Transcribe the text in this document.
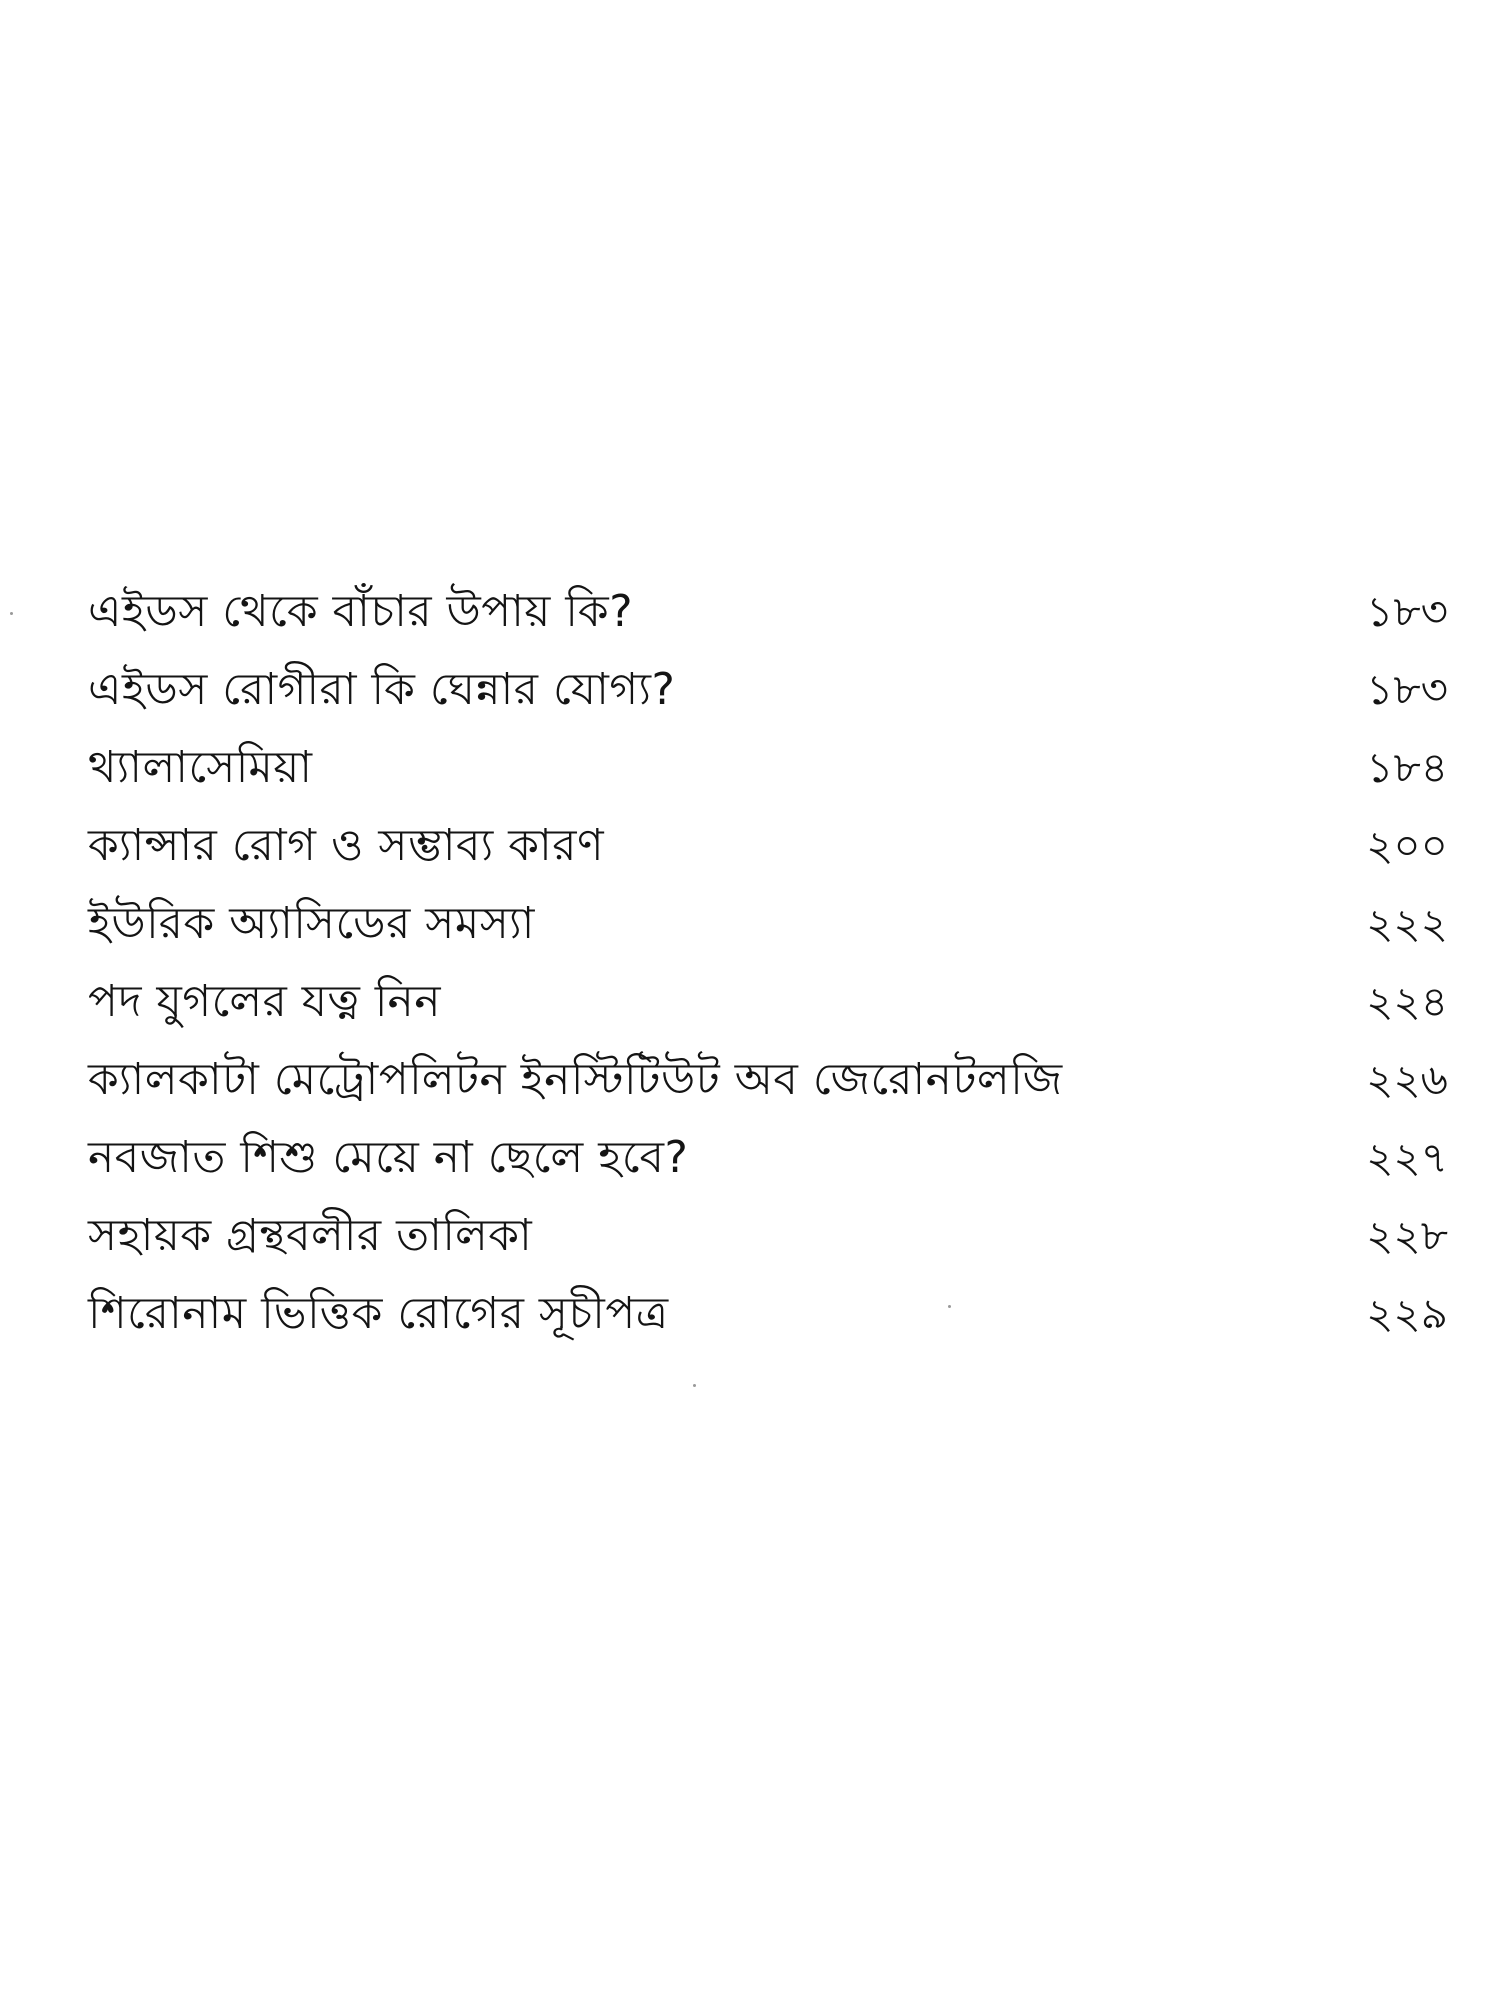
এইডস থেকে বাঁচার উপায় কি?	১৮৩
এইডস রোগীরা কি ঘেন্নার যোগ্য?	১৮৩
থ্যালাসেমিয়া	১৮৪
ক্যান্সার রোগ ও সম্ভাব্য কারণ	২০০
ইউরিক অ্যাসিডের সমস্যা	২২২
পদ যুগলের যত্ন নিন	২২৪
ক্যালকাটা মেট্রোপলিটন ইনস্টিটিউট অব জেরোনটলজি	২২৬
নবজাত শিশু মেয়ে না ছেলে হবে?	২২৭
সহায়ক গ্রন্থবলীর তালিকা	২২৮
শিরোনাম ভিত্তিক রোগের সূচীপত্র	২২৯
